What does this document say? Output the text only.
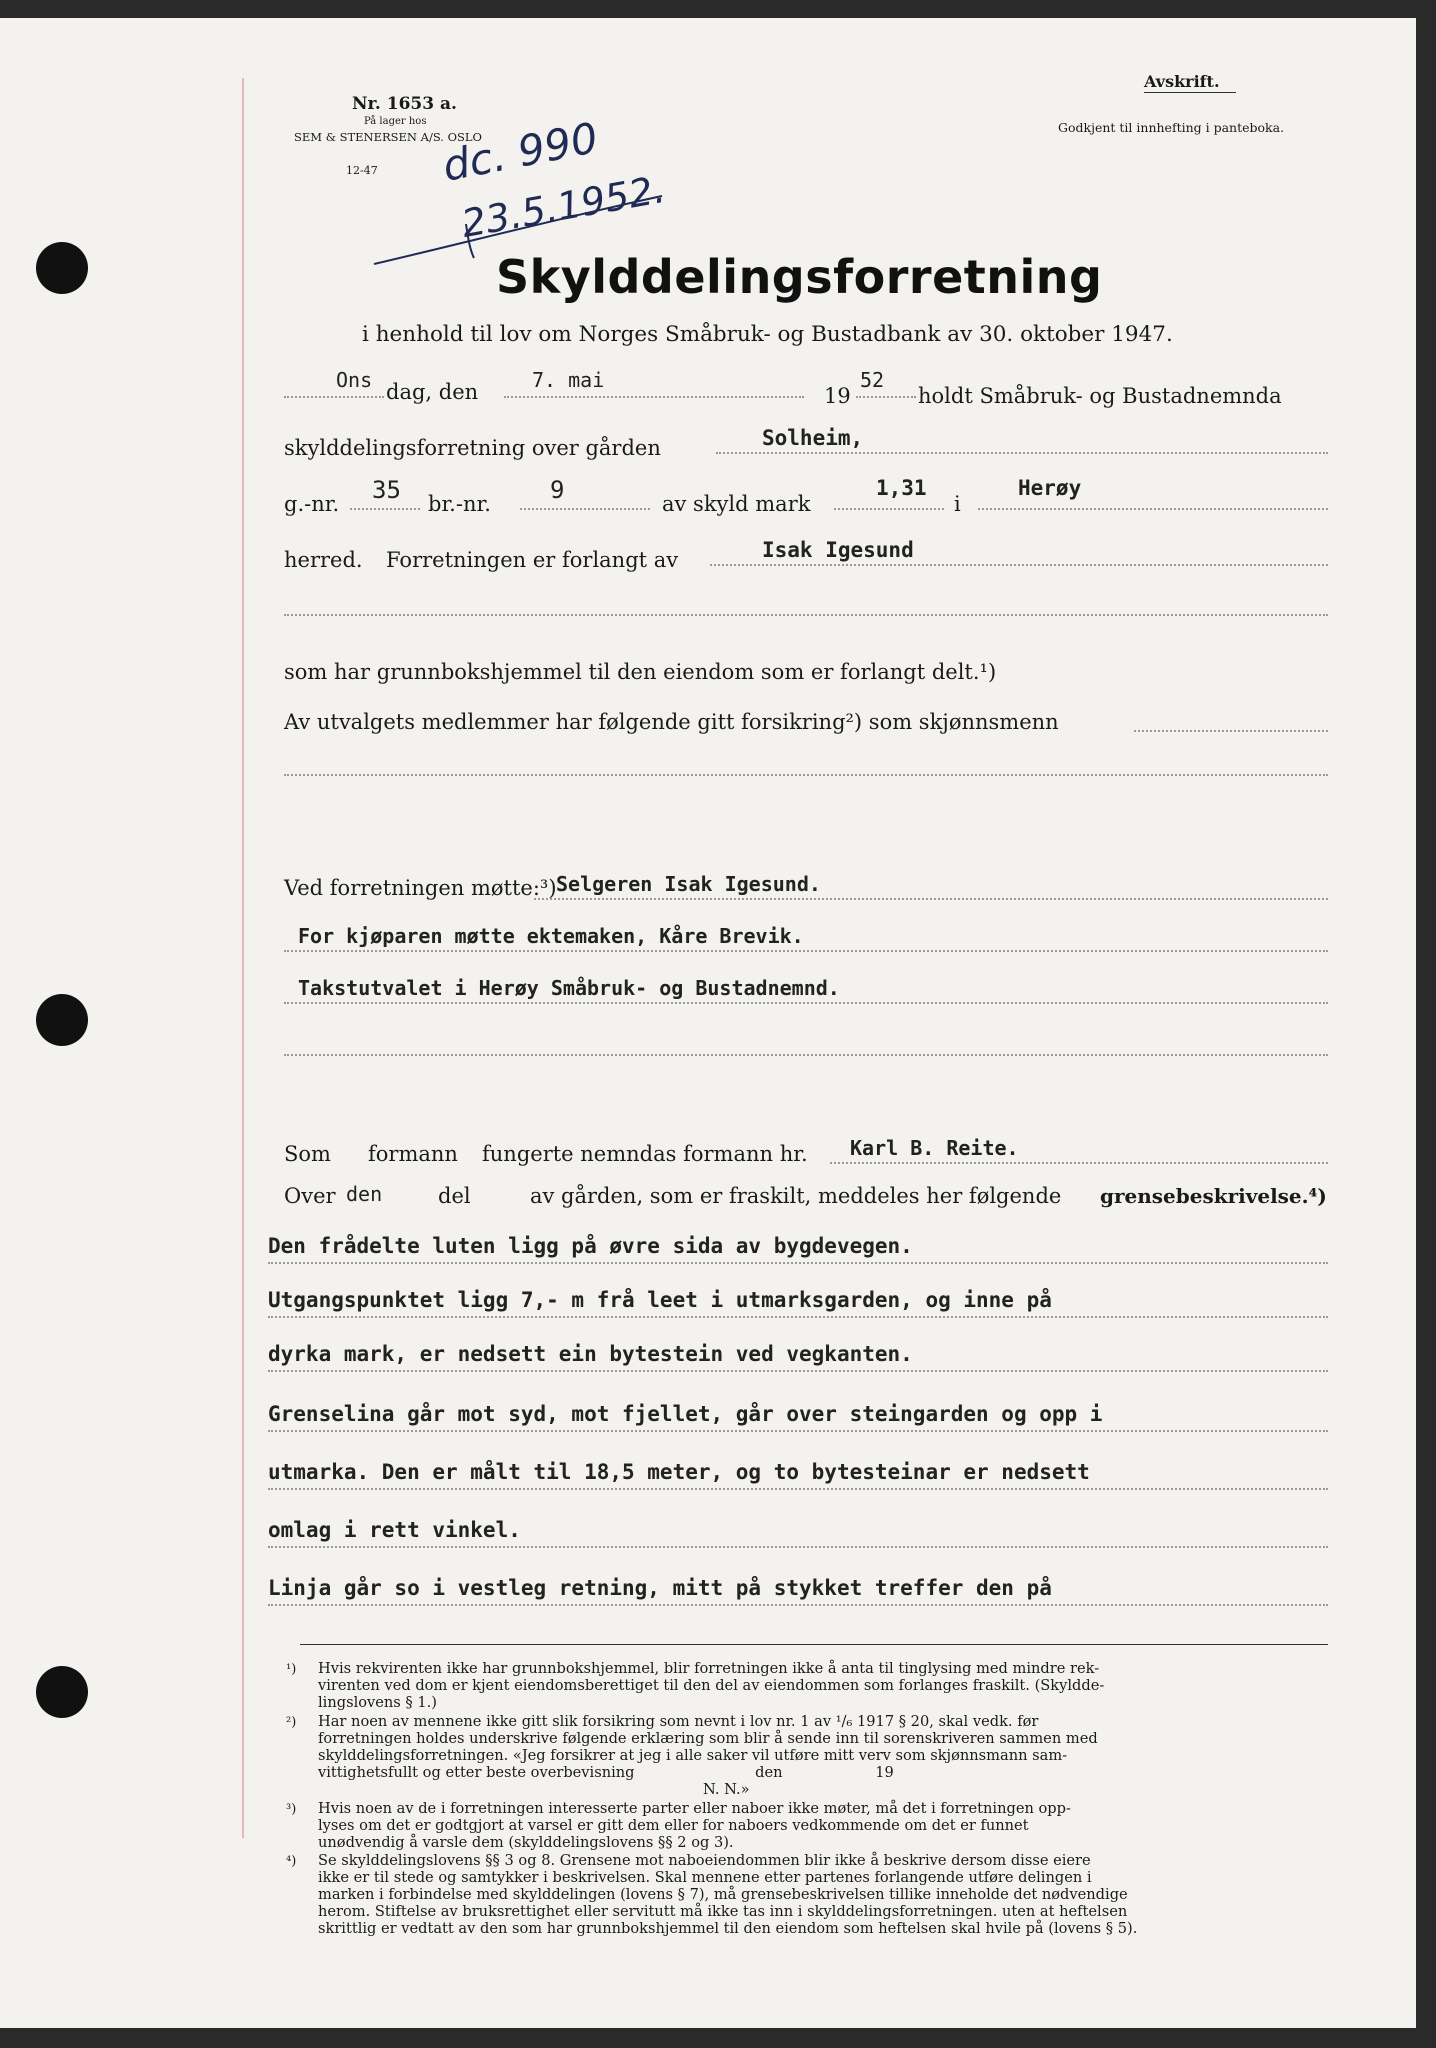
Nr. 1653 a.
På lager hos
SEM & STENERSEN A/S. OSLO
12-47
Avskrift.
Godkjent til innhefting i panteboka.
dc. 990
23.5.1952.
Skylddelingsforretning
i henhold til lov om Norges Småbruk- og Bustadbank av 30. oktober 1947.
Ons dag, den	7. mai
19
52
holdt Småbruk- og Bustadnemnda
skylddelingsforretning over gården	Solheim,
g.-nr. 35 br.-nr. 9	av skyld mark
1,31
i
Herøy
herred. Forretningen er forlangt av	Isak Igesund
som har grunnbokshjemmel til den eiendom som er forlangt delt.¹)
Av utvalgets medlemmer har følgende gitt forsikring²) som skjønnsmenn
Ved forretningen møtte:³) Selgeren Isak Igesund.
For kjøparen møtte ektemaken, Kåre Brevik.
Takstutvalet i Herøy Småbruk- og Bustadnemnd.
Som formann fungerte nemndas formann hr. Karl B. Reite.
Over den	del	av gården, som er fraskilt, meddeles her følgende grensebeskrivelse.⁴)
Den frådelte luten ligg på øvre sida av bygdevegen.
Utgangspunktet ligg 7,- m frå leet i utmarksgarden, og inne på
dyrka mark, er nedsett ein bytestein ved vegkanten.
Grenselina går mot syd, mot fjellet, går over steingarden og opp i
utmarka. Den er målt til 18,5 meter, og to bytesteinar er nedsett
omlag i rett vinkel.
Linja går so i vestleg retning, mitt på stykket treffer den på
¹) Hvis rekvirenten ikke har grunnbokshjemmel, blir forretningen ikke å anta til tinglysing med mindre rek-
virenten ved dom er kjent eiendomsberettiget til den del av eiendommen som forlanges fraskilt. (Skyldde-
lingslovens § 1.)
²) Har noen av mennene ikke gitt slik forsikring som nevnt i lov nr. 1 av ¹/₆ 1917 § 20, skal vedk. før
forretningen holdes underskrive følgende erklæring som blir å sende inn til sorenskriveren sammen med
skylddelingsforretningen. «Jeg forsikrer at jeg i alle saker vil utføre mitt verv som skjønnsmann sam-
vittighetsfullt og etter beste overbevisning                          den                    19
N. N.»
³) Hvis noen av de i forretningen interesserte parter eller naboer ikke møter, må det i forretningen opp-
lyses om det er godtgjort at varsel er gitt dem eller for naboers vedkommende om det er funnet
unødvendig å varsle dem (skylddelingslovens §§ 2 og 3).
⁴) Se skylddelingslovens §§ 3 og 8. Grensene mot naboeiendommen blir ikke å beskrive dersom disse eiere
ikke er til stede og samtykker i beskrivelsen. Skal mennene etter partenes forlangende utføre delingen i
marken i forbindelse med skylddelingen (lovens § 7), må grensebeskrivelsen tillike inneholde det nødvendige
herom. Stiftelse av bruksrettighet eller servitutt må ikke tas inn i skylddelingsforretningen. uten at heftelsen
skrittlig er vedtatt av den som har grunnbokshjemmel til den eiendom som heftelsen skal hvile på (lovens § 5).
